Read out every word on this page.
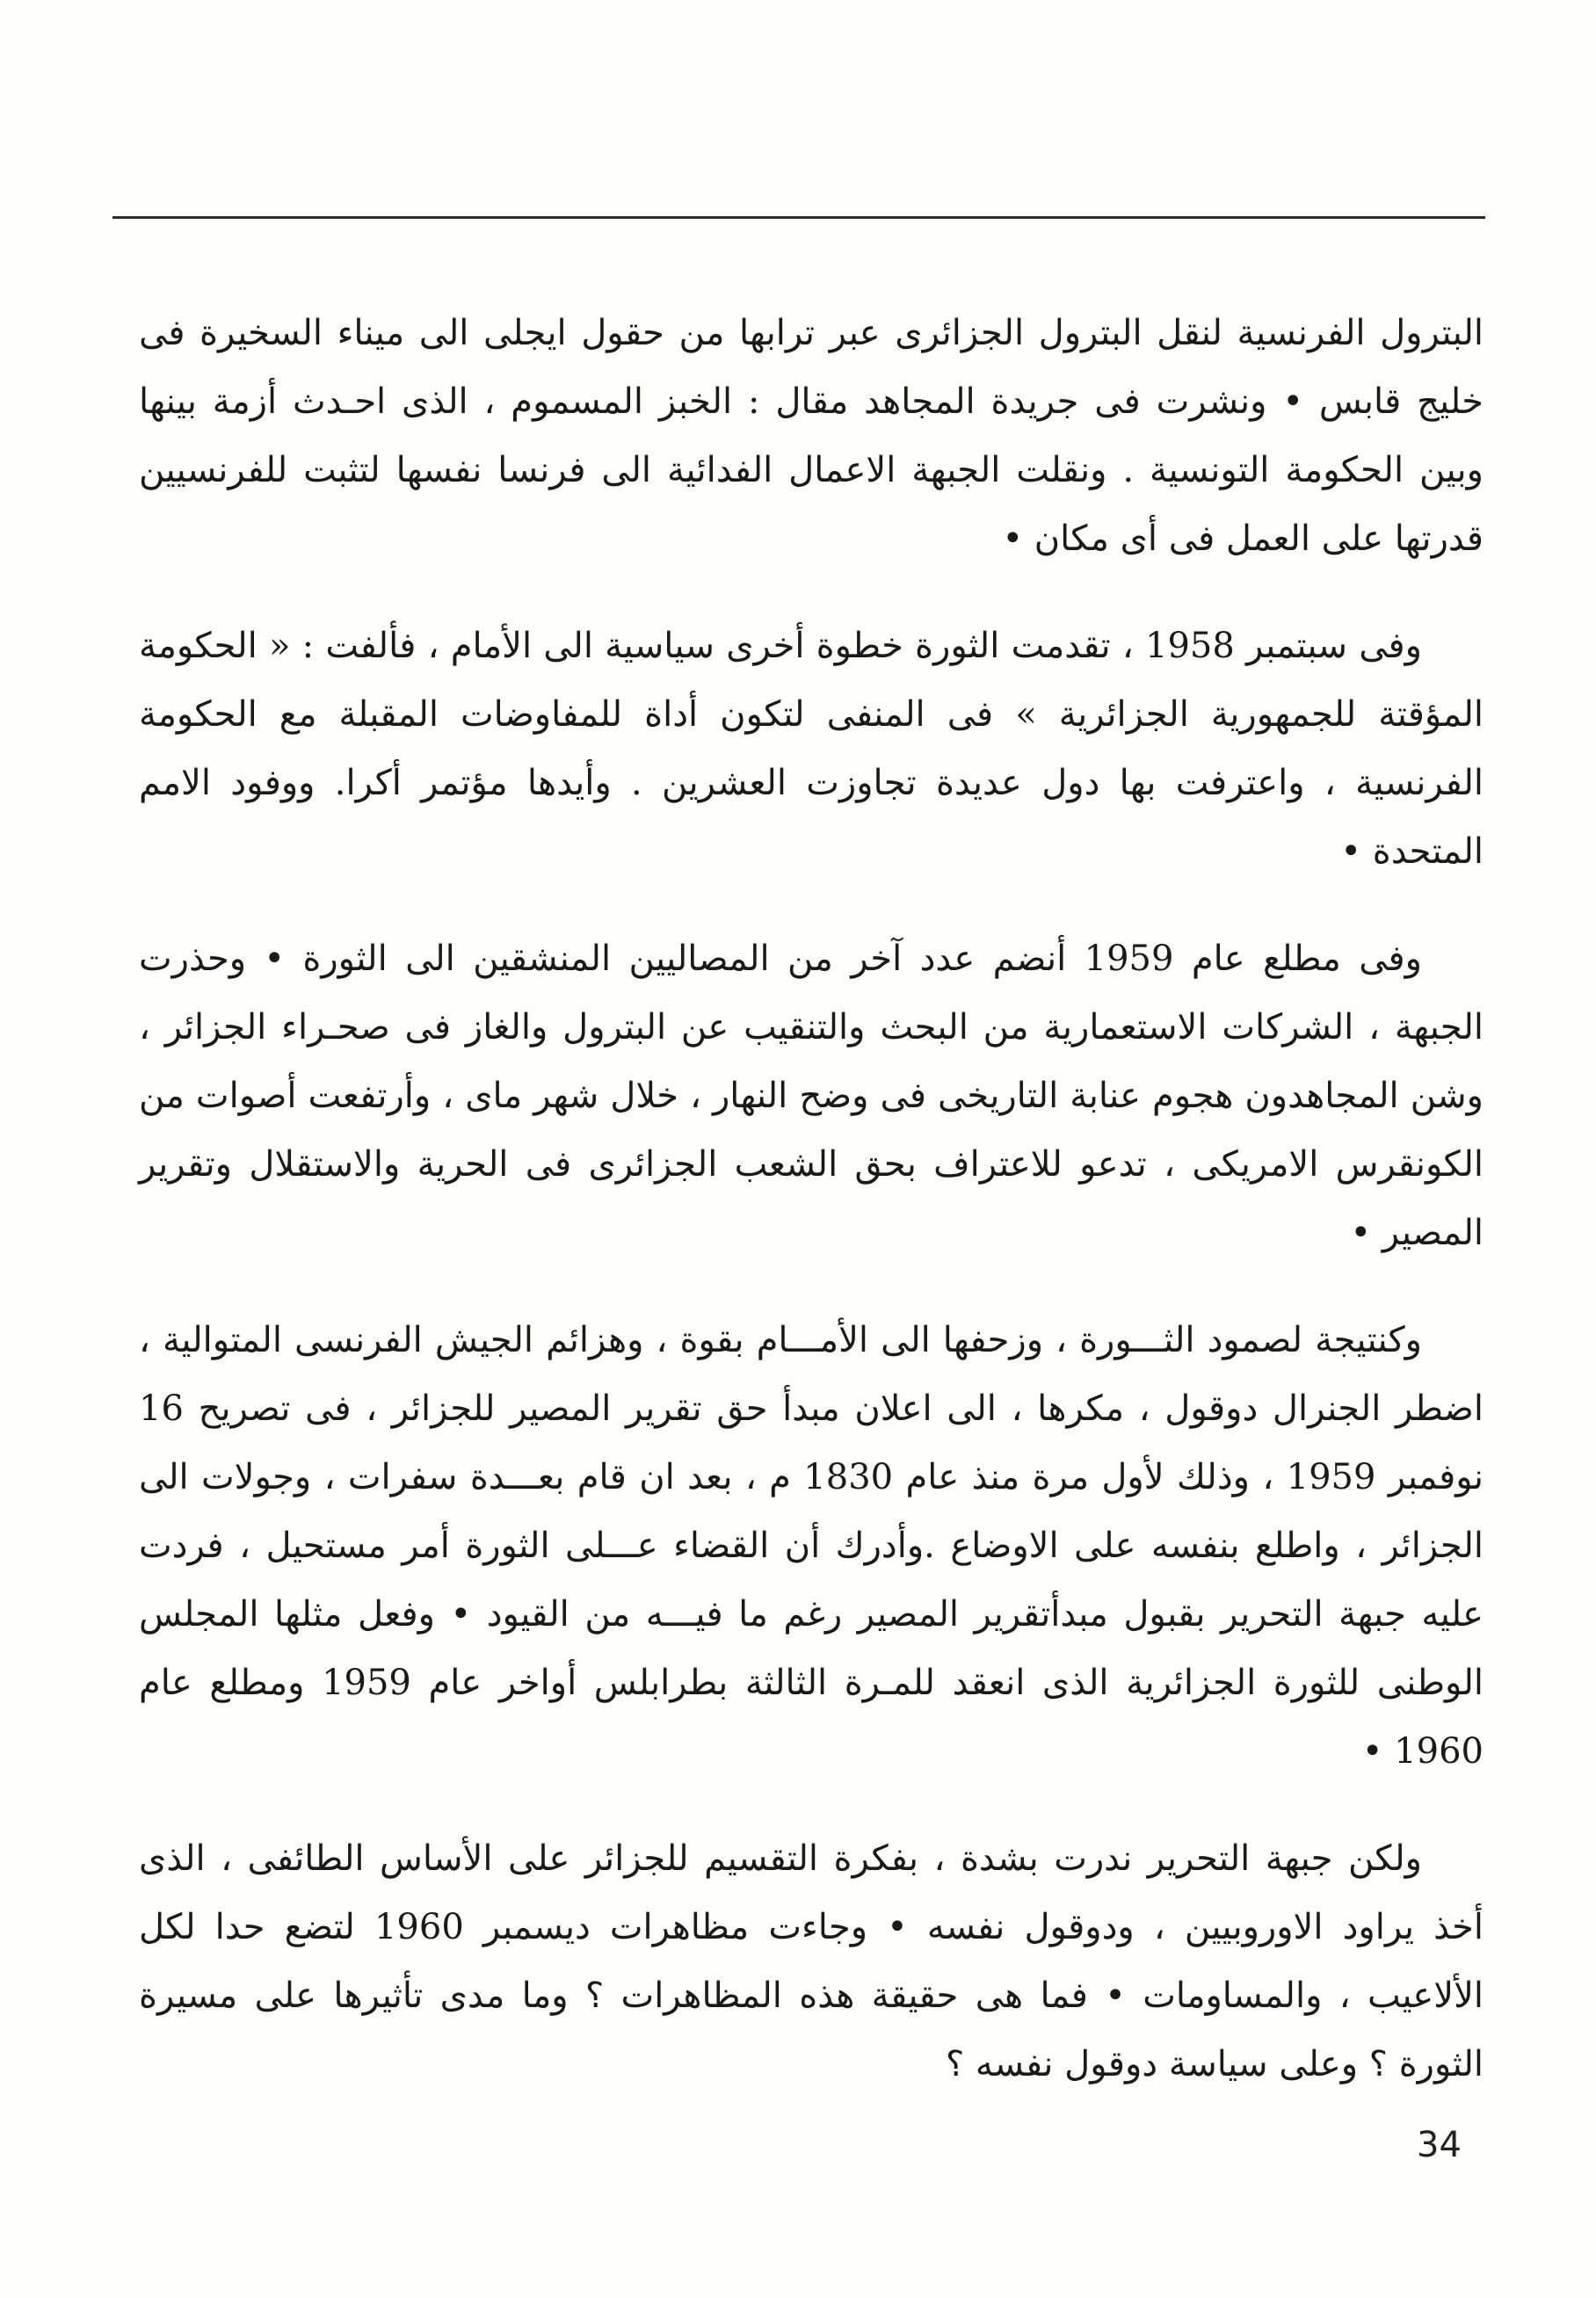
البترول الفرنسية لنقل البترول الجزائرى عبر ترابها من حقول ايجلى الى ميناء السخيرة فى خليج قابس • ونشرت فى جريدة المجاهد مقال : الخبز المسموم ، الذى احـدث أزمة بينها وبين الحكومة التونسية . ونقلت الجبهة الاعمال الفدائية الى فرنسا نفسها لتثبت للفرنسيين قدرتها على العمل فى أى مكان •

وفى سبتمبر 1958 ، تقدمت الثورة خطوة أخرى سياسية الى الأمام ، فألفت : « الحكومة المؤقتة للجمهورية الجزائرية » فى المنفى لتكون أداة للمفاوضات المقبلة مع الحكومة الفرنسية ، واعترفت بها دول عديدة تجاوزت العشرين . وأيدها مؤتمر أكرا. ووفود الامم المتحدة •

وفى مطلع عام 1959 أنضم عدد آخر من المصاليين المنشقين الى الثورة • وحذرت الجبهة ، الشركات الاستعمارية من البحث والتنقيب عن البترول والغاز فى صحـراء الجزائر ، وشن المجاهدون هجوم عنابة التاريخى فى وضح النهار ، خلال شهر ماى ، وأرتفعت أصوات من الكونقرس الامريكى ، تدعو للاعتراف بحق الشعب الجزائرى فى الحرية والاستقلال وتقرير المصير •

وكنتيجة لصمود الثـــورة ، وزحفها الى الأمـــام بقوة ، وهزائم الجيش الفرنسى المتوالية ، اضطر الجنرال دوقول ، مكرها ، الى اعلان مبدأ حق تقرير المصير للجزائر ، فى تصريح 16 نوفمبر 1959 ، وذلك لأول مرة منذ عام 1830 م ، بعد ان قام بعـــدة سفرات ، وجولات الى الجزائر ، واطلع بنفسه على الاوضاع .وأدرك أن القضاء عـــلى الثورة أمر مستحيل ، فردت عليه جبهة التحرير بقبول مبدأتقرير المصير رغم ما فيـــه من القيود • وفعل مثلها المجلس الوطنى للثورة الجزائرية الذى انعقد للمـرة الثالثة بطرابلس أواخر عام 1959 ومطلع عام 1960 •

ولكن جبهة التحرير ندرت بشدة ، بفكرة التقسيم للجزائر على الأساس الطائفى ، الذى أخذ يراود الاوروبيين ، ودوقول نفسه • وجاءت مظاهرات ديسمبر 1960 لتضع حدا لكل الألاعيب ، والمساومات • فما هى حقيقة هذه المظاهرات ؟ وما مدى تأثيرها على مسيرة الثورة ؟ وعلى سياسة دوقول نفسه ؟

34
